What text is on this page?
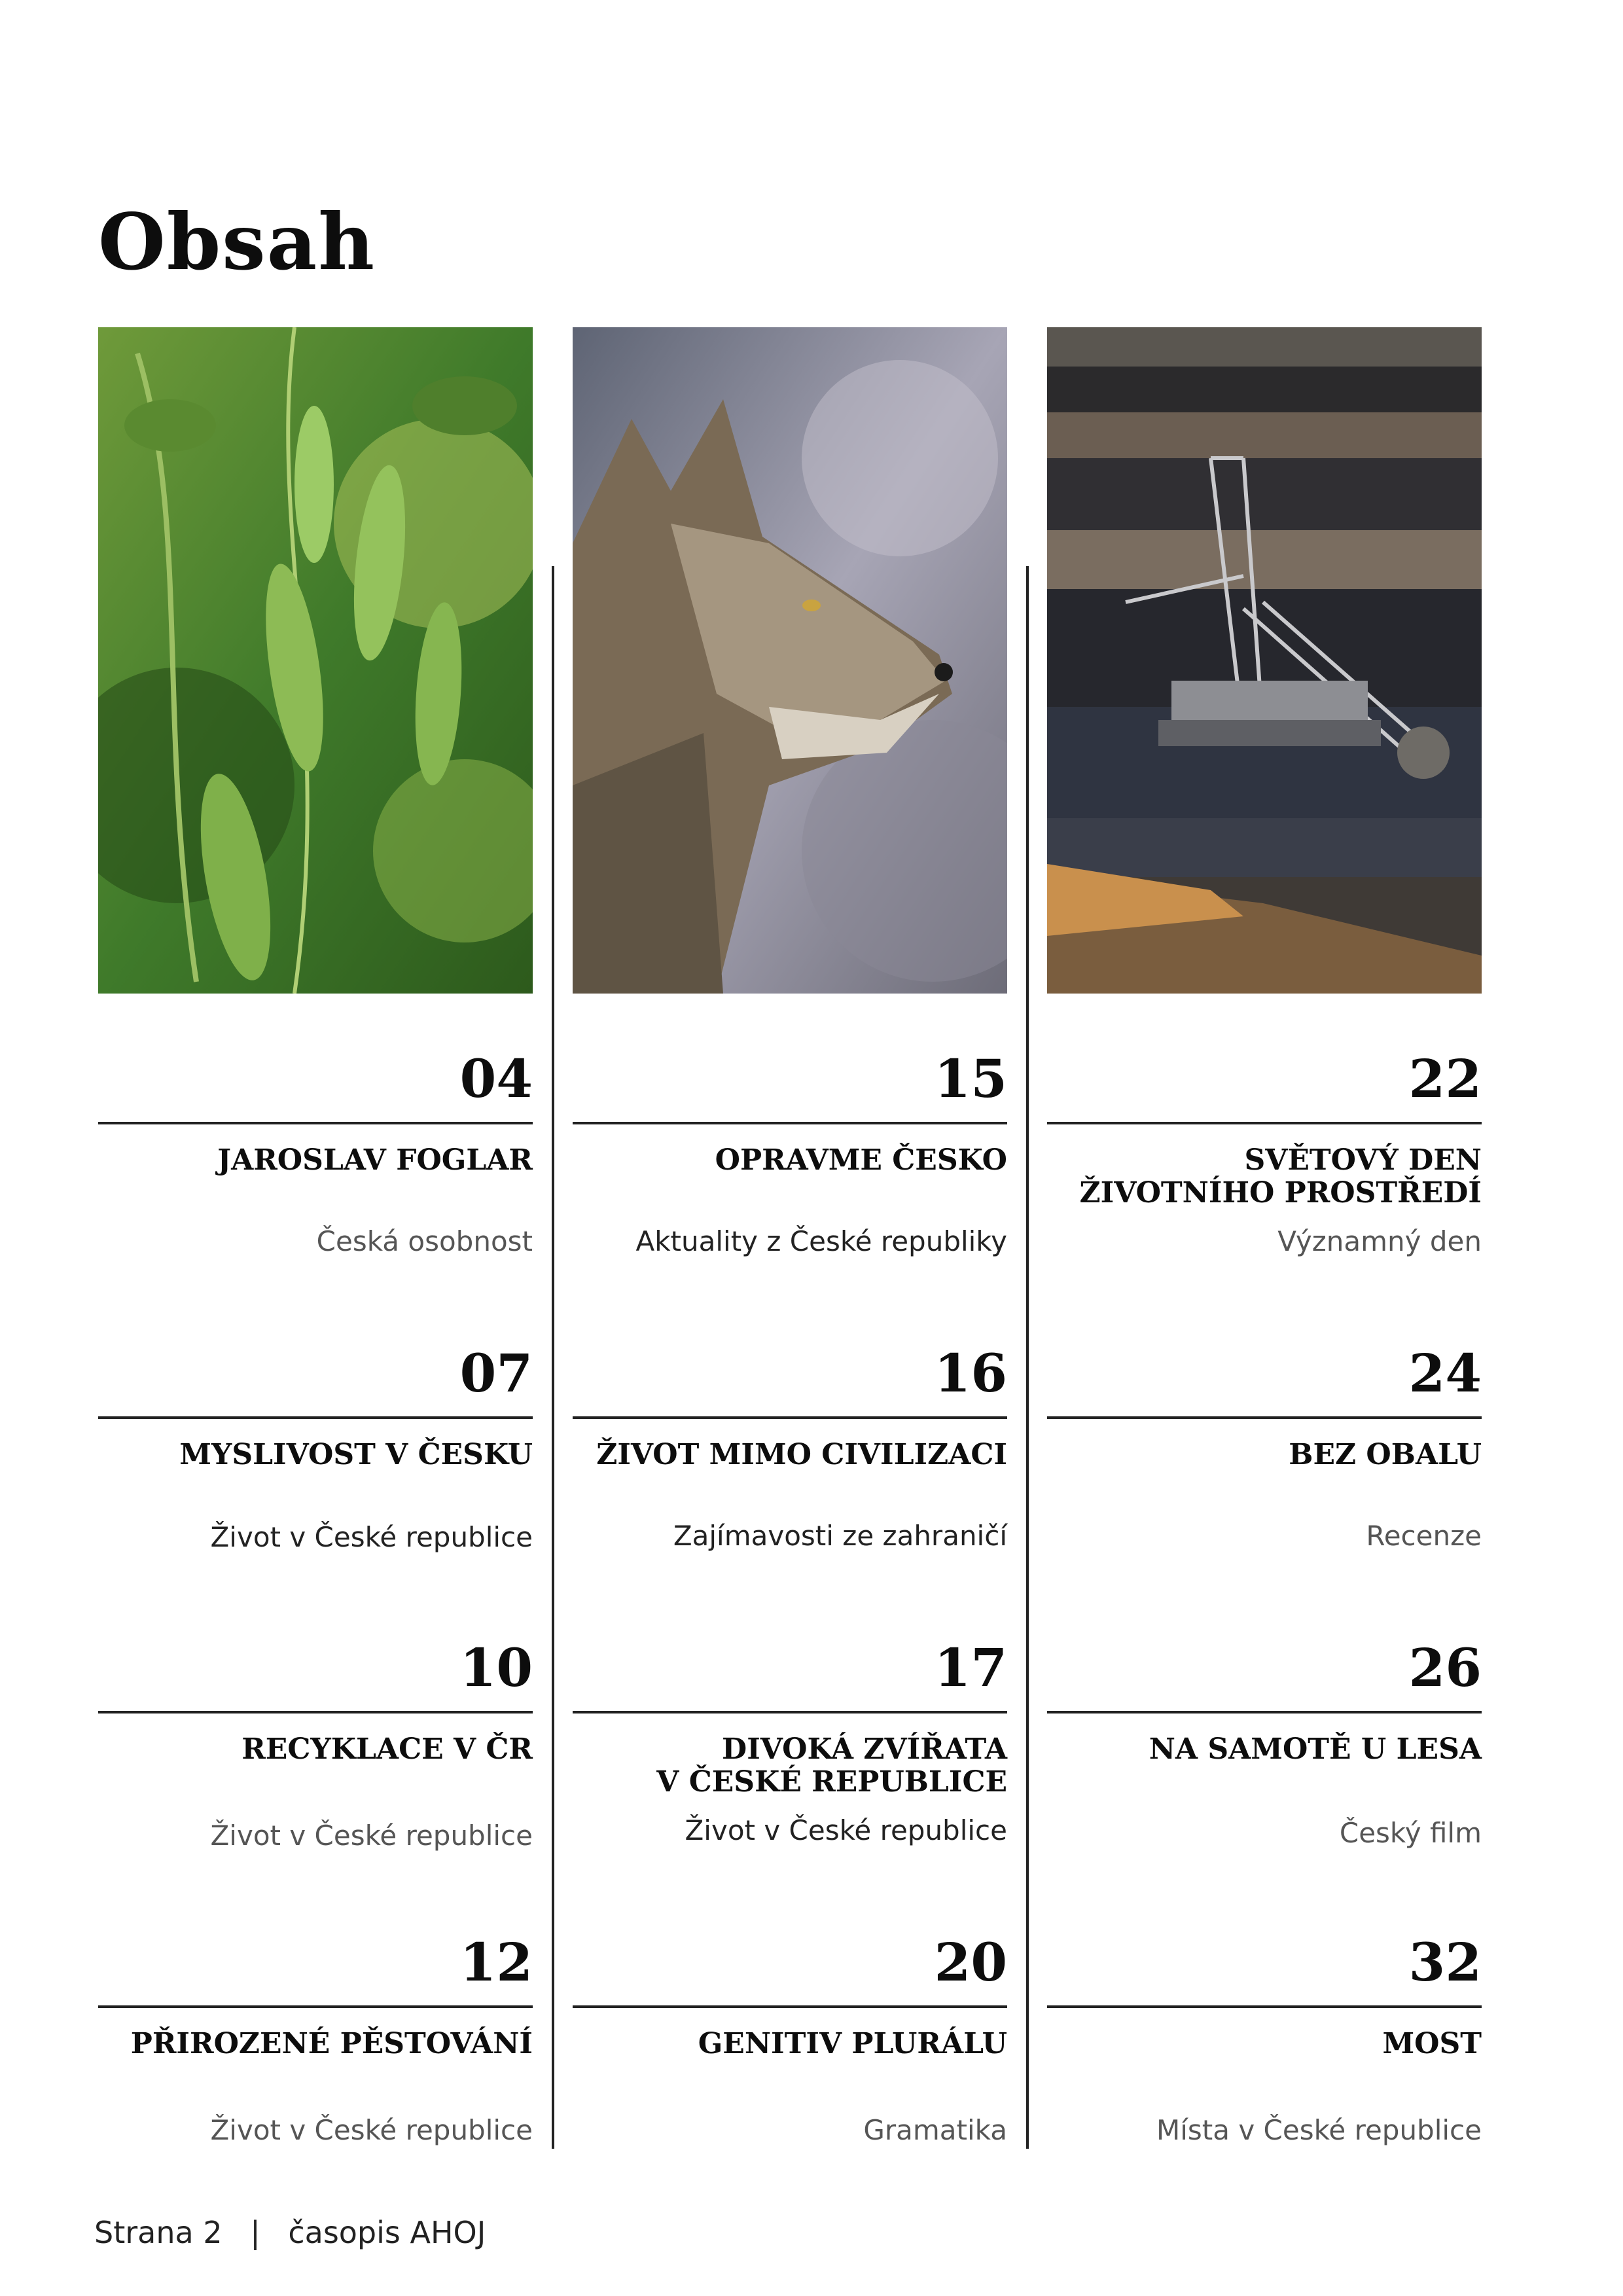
Obsah
04
JAROSLAV FOGLAR
Česká osobnost
15
OPRAVME ČESKO
Aktuality z České republiky
22
SVĚTOVÝ DEN
ŽIVOTNÍHO PROSTŘEDÍ
Významný den
07
MYSLIVOST V ČESKU
Život v České republice
16
ŽIVOT MIMO CIVILIZACI
Zajímavosti ze zahraničí
24
BEZ OBALU
Recenze
10
RECYKLACE V ČR
Život v České republice
17
DIVOKÁ ZVÍŘATA
V ČESKÉ REPUBLICE
Život v České republice
26
NA SAMOTĚ U LESA
Český film
12
PŘIROZENÉ PĚSTOVÁNÍ
Život v České republice
20
GENITIV PLURÁLU
Gramatika
32
MOST
Místa v České republice
Strana 2 | časopis AHOJ
